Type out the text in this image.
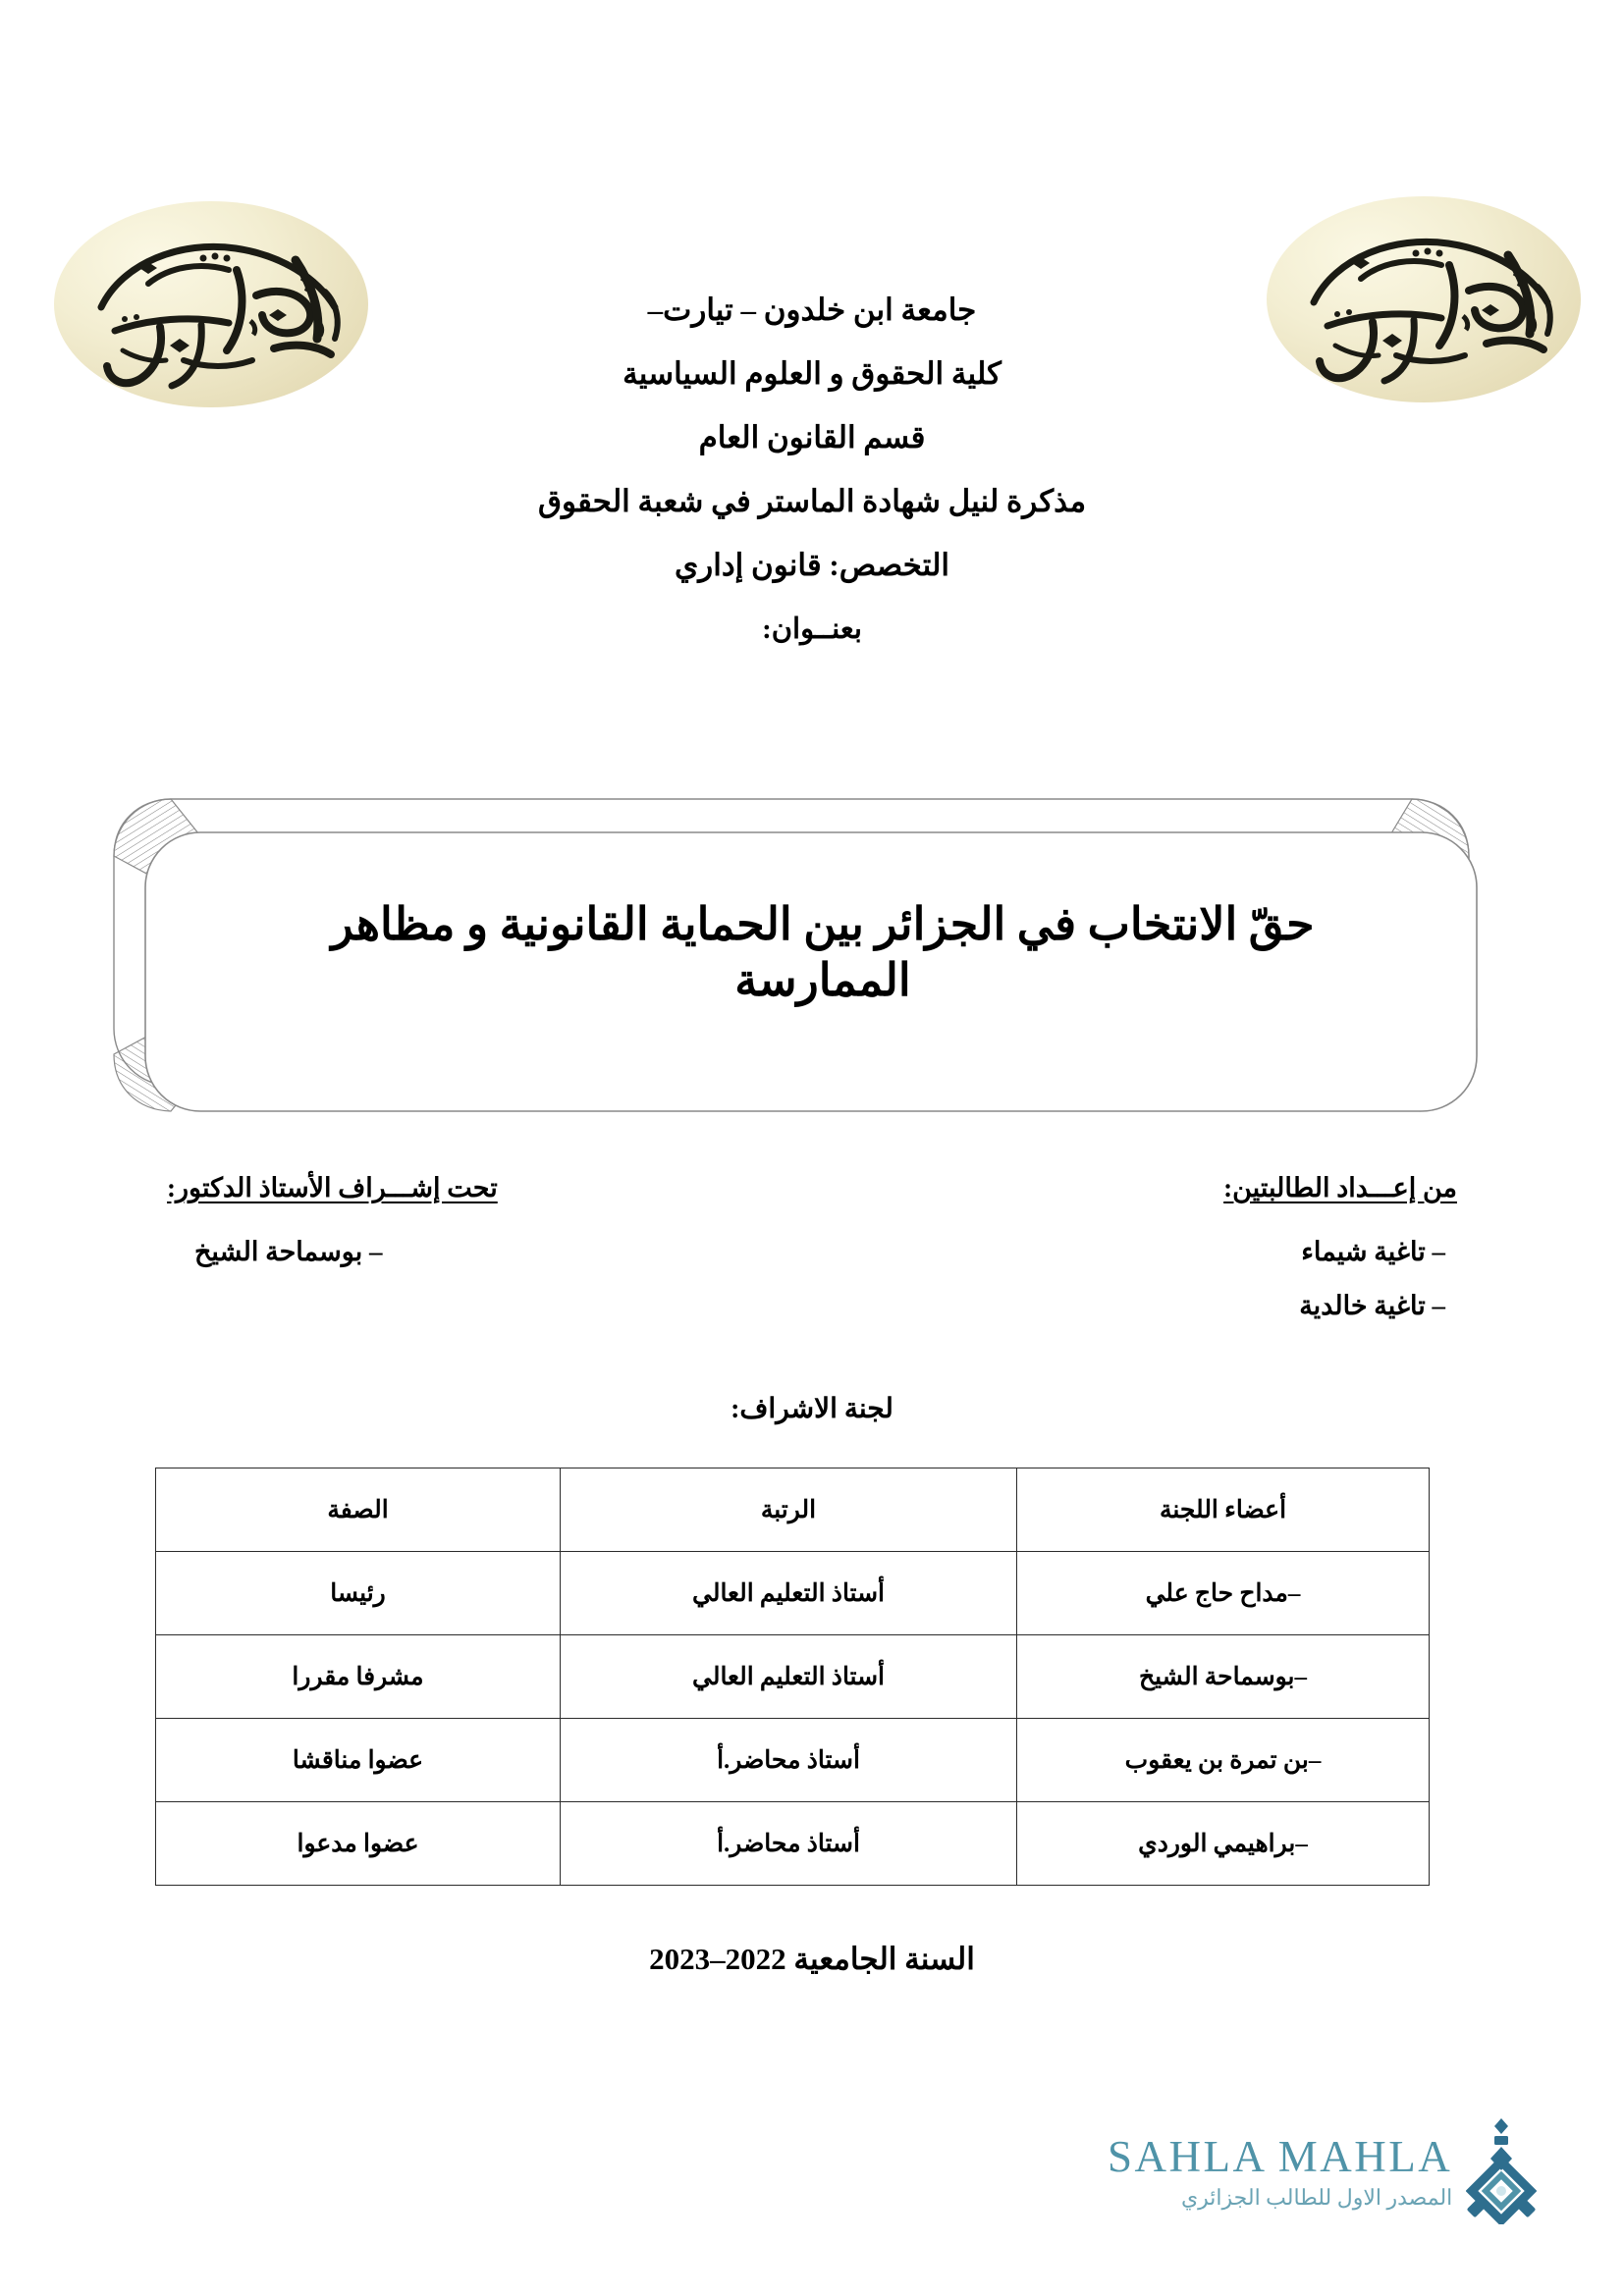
جامعة ابن خلدون – تيارت–

كلية الحقوق و العلوم السياسية

قسم القانون العام

مذكرة لنيل شهادة الماستر في شعبة الحقوق

التخصص: قانون إداري

بعنــوان:

حقّ الانتخاب في الجزائر بين الحماية القانونية و مظاهر الممارسة

من إعـــداد الطالبتين:

– تاغية شيماء

– تاغية خالدية

تحت إشـــراف الأستاذ الدكتور:

– بوسماحة الشيخ

لجنة الاشراف:
أعضاء اللجنة	الرتبة	الصفة
–مداح حاج علي	أستاذ التعليم العالي	رئيسا
–بوسماحة الشيخ	أستاذ التعليم العالي	مشرفا مقررا
–بن تمرة بن يعقوب	أستاذ محاضر.أ	عضوا مناقشا
–براهيمي الوردي	أستاذ محاضر.أ	عضوا مدعوا
السنة الجامعية 2022–2023
SAHLA MAHLA
المصدر الاول للطالب الجزائري
